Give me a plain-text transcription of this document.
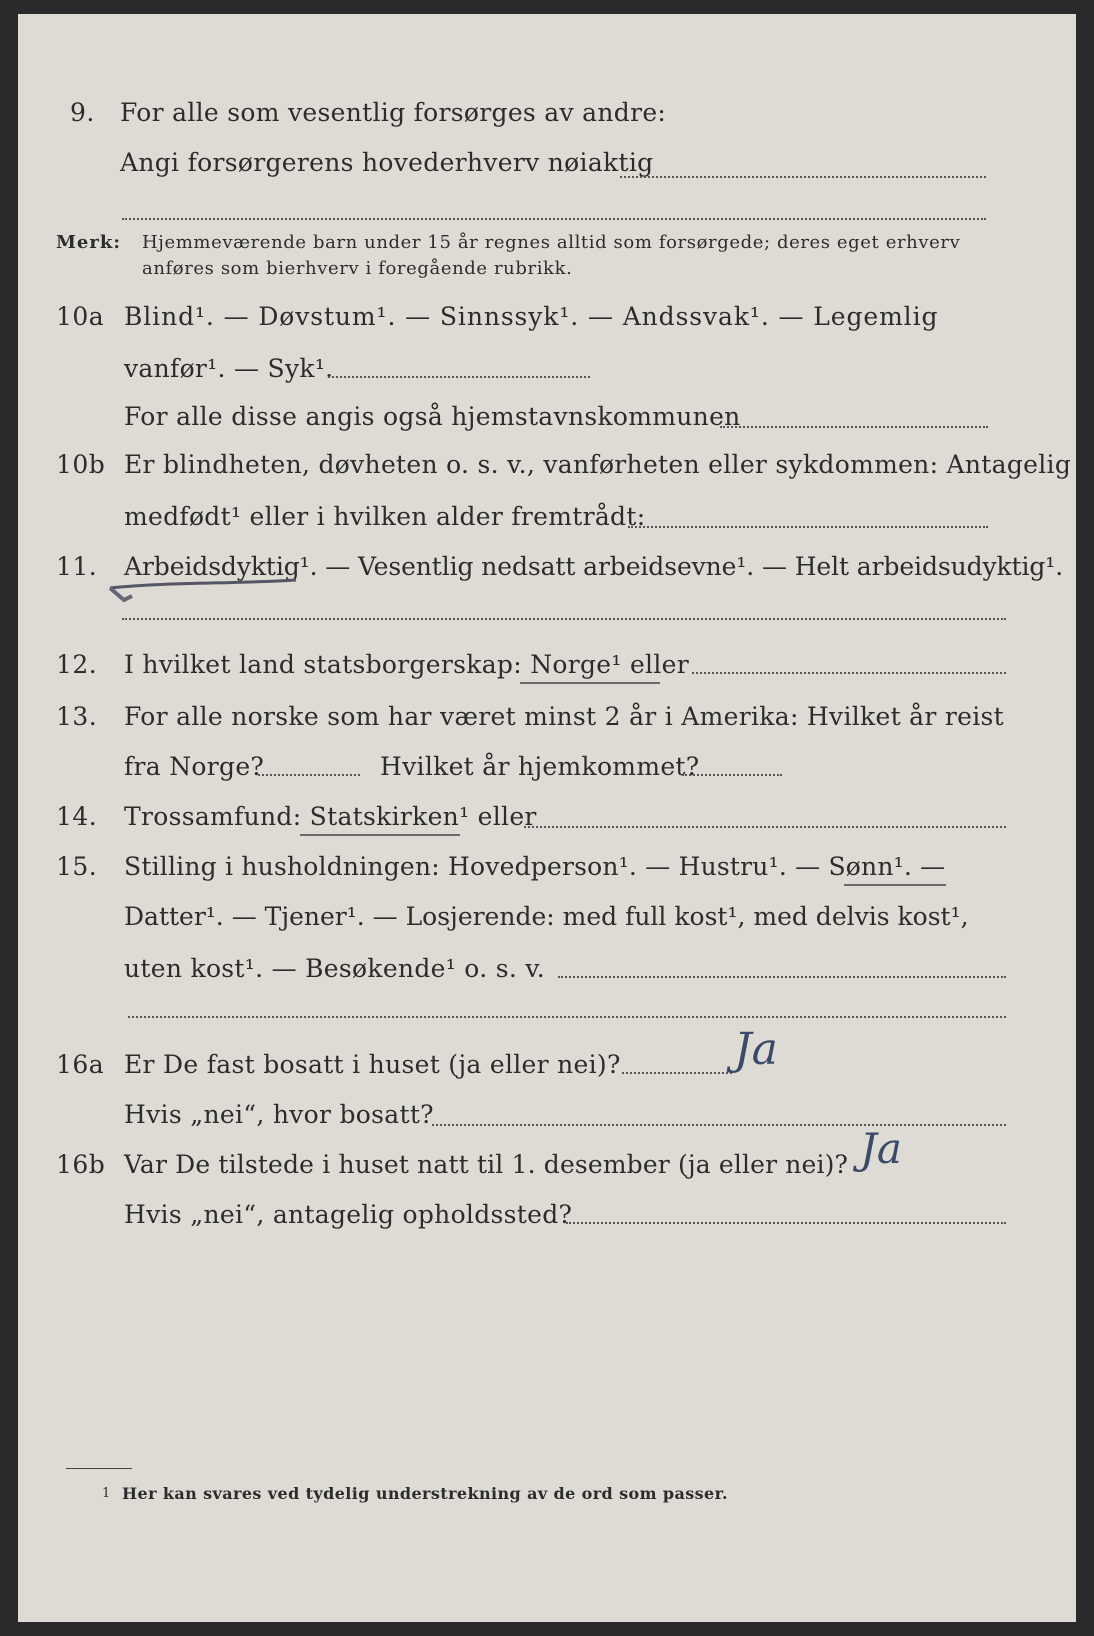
9. For alle som vesentlig forsørges av andre:
Angi forsørgerens hovederhverv nøiaktig
Merk: Hjemmeværende barn under 15 år regnes alltid som forsørgede; deres eget erhverv
anføres som bierhverv i foregående rubrikk.
10a Blind¹. — Døvstum¹. — Sinnssyk¹. — Andssvak¹. — Legemlig
vanfør¹. — Syk¹.
For alle disse angis også hjemstavnskommunen
10b Er blindheten, døvheten o. s. v., vanførheten eller sykdommen: Antagelig
medfødt¹ eller i hvilken alder fremtrådt:
11. Arbeidsdyktig¹. — Vesentlig nedsatt arbeidsevne¹. — Helt arbeidsudyktig¹.
12. I hvilket land statsborgerskap: Norge¹ eller
13. For alle norske som har været minst 2 år i Amerika: Hvilket år reist
fra Norge?	Hvilket år hjemkommet?
14. Trossamfund: Statskirken¹ eller
15. Stilling i husholdningen: Hovedperson¹. — Hustru¹. — Sønn¹. —
Datter¹. — Tjener¹. — Losjerende: med full kost¹, med delvis kost¹,
uten kost¹. — Besøkende¹ o. s. v.
16a Er De fast bosatt i huset (ja eller nei)?	Ja
Hvis „nei“, hvor bosatt?
16b Var De tilstede i huset natt til 1. desember (ja eller nei)? Ja
Hvis „nei“, antagelig opholdssted?
1 Her kan svares ved tydelig understrekning av de ord som passer.
